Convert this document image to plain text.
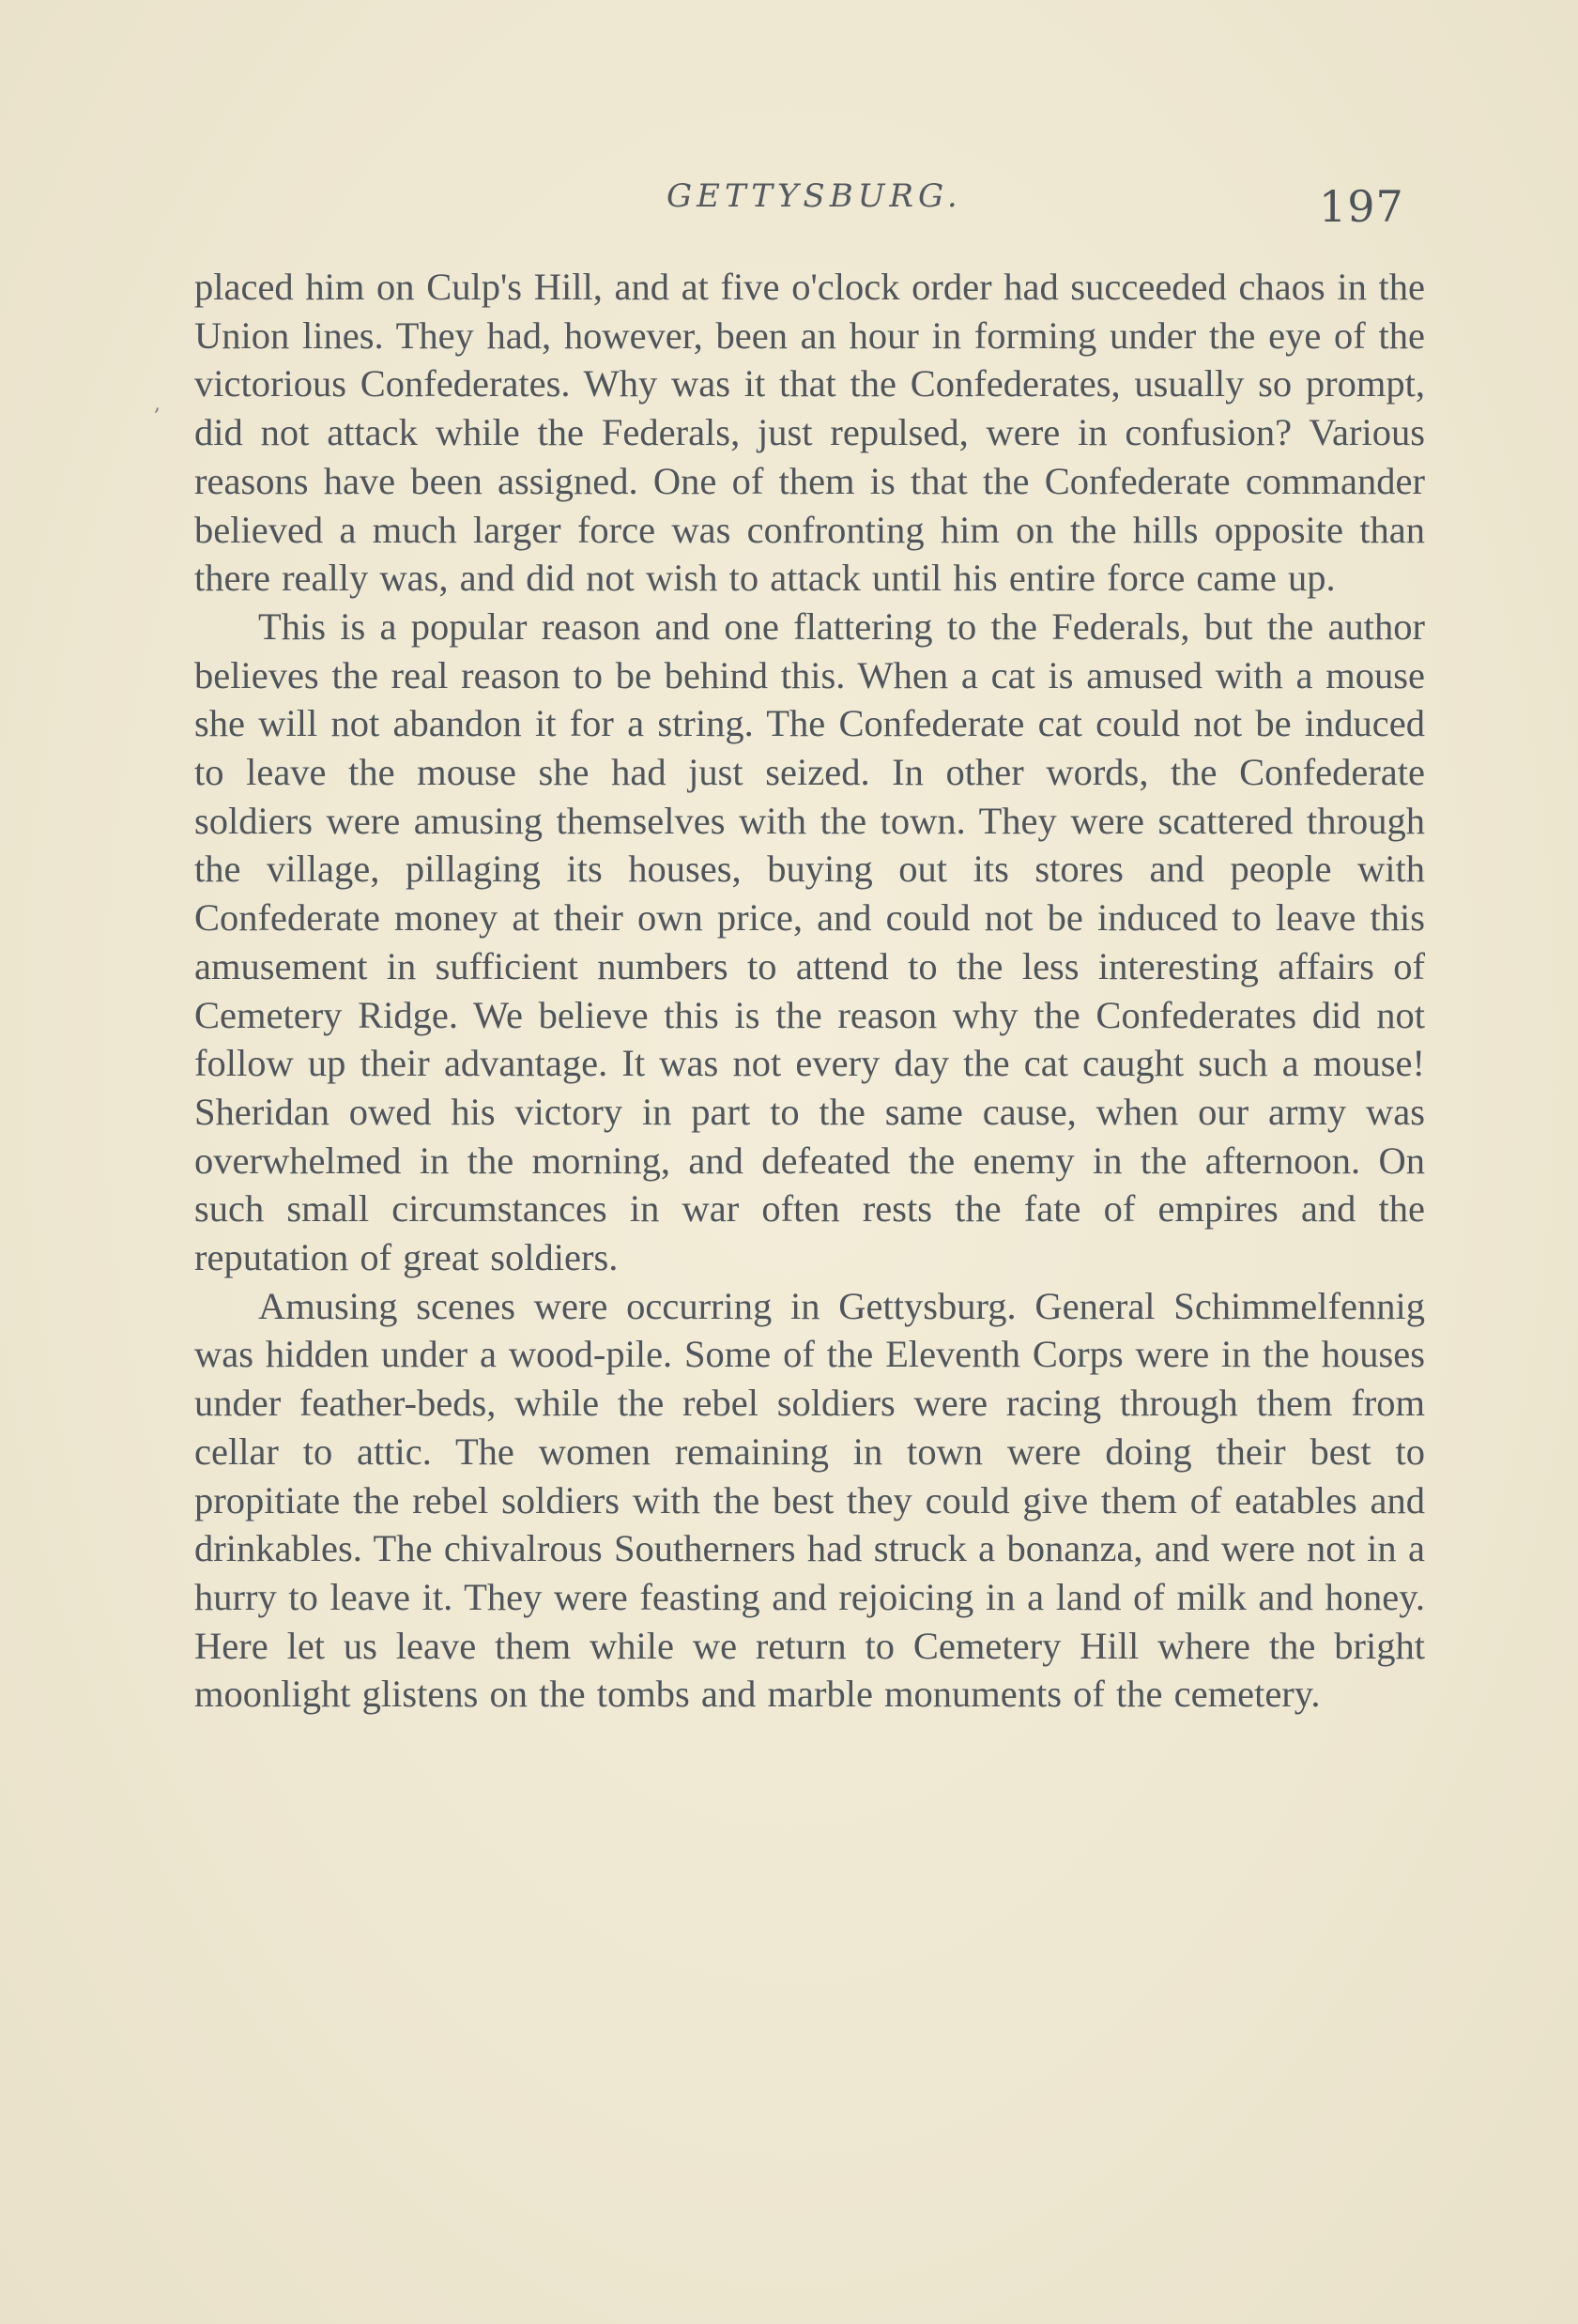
GETTYSBURG.	197
,

placed him on Culp's Hill, and at five o'clock order had succeeded chaos in the Union lines. They had, however, been an hour in forming under the eye of the victorious Confederates. Why was it that the Confederates, usually so prompt, did not attack while the Federals, just repulsed, were in confusion? Various reasons have been assigned. One of them is that the Confederate commander believed a much larger force was confronting him on the hills opposite than there really was, and did not wish to attack until his entire force came up.

This is a popular reason and one flattering to the Federals, but the author believes the real reason to be behind this. When a cat is amused with a mouse she will not abandon it for a string. The Confederate cat could not be induced to leave the mouse she had just seized. In other words, the Confederate soldiers were amusing themselves with the town. They were scattered through the village, pillaging its houses, buying out its stores and people with Confederate money at their own price, and could not be induced to leave this amusement in sufficient numbers to attend to the less interesting affairs of Cemetery Ridge. We believe this is the reason why the Confederates did not follow up their advantage. It was not every day the cat caught such a mouse! Sheridan owed his victory in part to the same cause, when our army was overwhelmed in the morning, and defeated the enemy in the afternoon. On such small circumstances in war often rests the fate of empires and the reputation of great soldiers.

Amusing scenes were occurring in Gettysburg. General Schimmelfennig was hidden under a wood-pile. Some of the Eleventh Corps were in the houses under feather-beds, while the rebel soldiers were racing through them from cellar to attic. The women remaining in town were doing their best to propitiate the rebel soldiers with the best they could give them of eatables and drinkables. The chivalrous Southerners had struck a bonanza, and were not in a hurry to leave it. They were feasting and rejoicing in a land of milk and honey. Here let us leave them while we return to Cemetery Hill where the bright moonlight glistens on the tombs and marble monuments of the cemetery.
